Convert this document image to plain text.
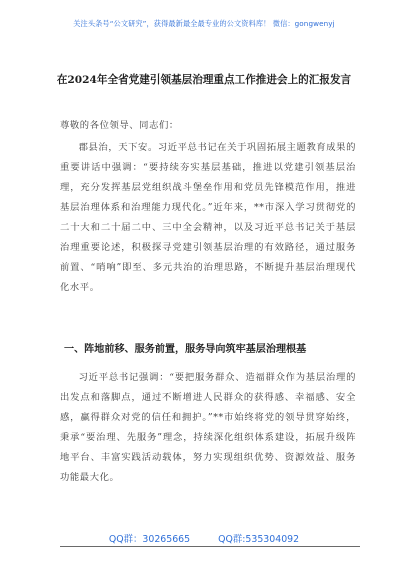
关注头条号“公文研究”，获得最新最全最专业的公文资料库！ 微信：gongwenyj
在2024年全省党建引领基层治理重点工作推进会上的汇报发言
尊敬的各位领导、同志们：
郡县治，天下安。习近平总书记在关于巩固拓展主题教育成果的重要讲话中强调：“要持续夯实基层基础，推进以党建引领基层治理，充分发挥基层党组织战斗堡垒作用和党员先锋模范作用，推进基层治理体系和治理能力现代化。”近年来，**市深入学习贯彻党的二十大和二十届二中、三中全会精神，以及习近平总书记关于基层治理重要论述，积极探寻党建引领基层治理的有效路径，通过服务前置、“哨响”即至、多元共治的治理思路，不断提升基层治理现代化水平。
一、阵地前移、服务前置，服务导向筑牢基层治理根基
习近平总书记强调：“要把服务群众、造福群众作为基层治理的出发点和落脚点，通过不断增进人民群众的获得感、幸福感、安全感，赢得群众对党的信任和拥护。”**市始终将党的领导贯穿始终，秉承“要治理、先服务”理念，持续深化组织体系建设，拓展升级阵地平台、丰富实践活动载体，努力实现组织优势、资源效益、服务功能最大化。
QQ群：30265665	QQ群:535304092
